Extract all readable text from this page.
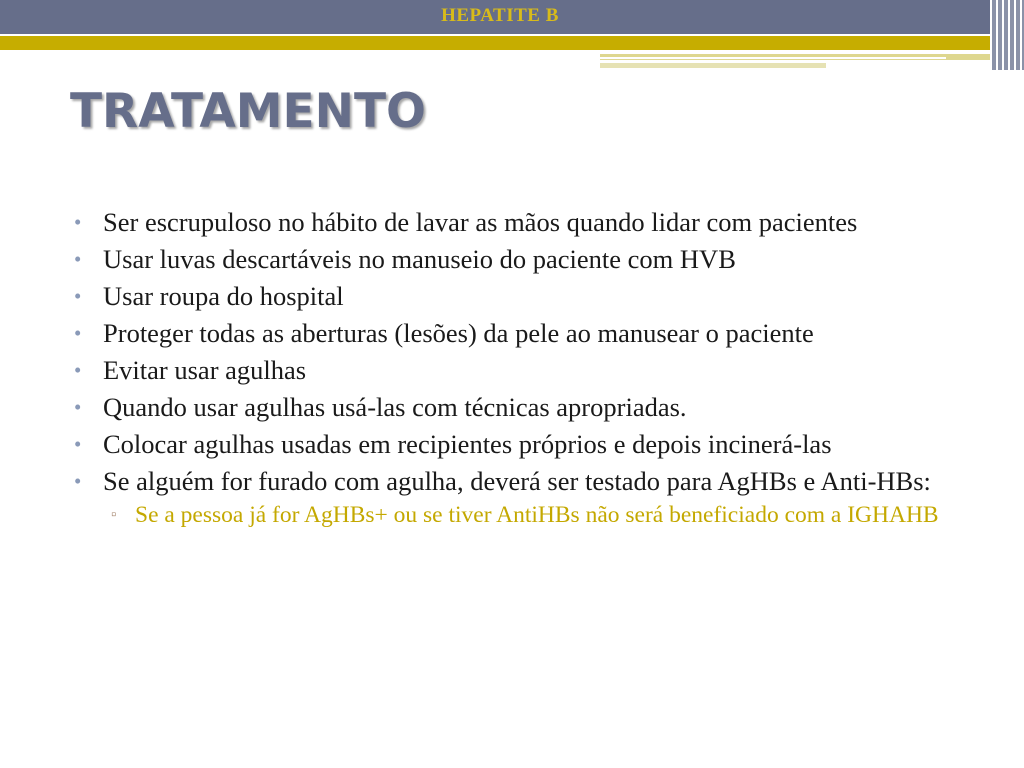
HEPATITE B
TRATAMENTO
• Ser escrupuloso no hábito de lavar as mãos quando lidar com pacientes
• Usar luvas descartáveis no manuseio do paciente com HVB
• Usar roupa do hospital
• Proteger todas as aberturas (lesões) da pele ao manusear o paciente
• Evitar usar agulhas
• Quando usar agulhas usá-las com técnicas apropriadas.
• Colocar agulhas usadas em recipientes próprios e depois incinerá-las
• Se alguém for furado com agulha, deverá ser testado para AgHBs e Anti-HBs:
▫ Se a pessoa já for AgHBs+ ou se tiver AntiHBs não será beneficiado com a IGHAHB
